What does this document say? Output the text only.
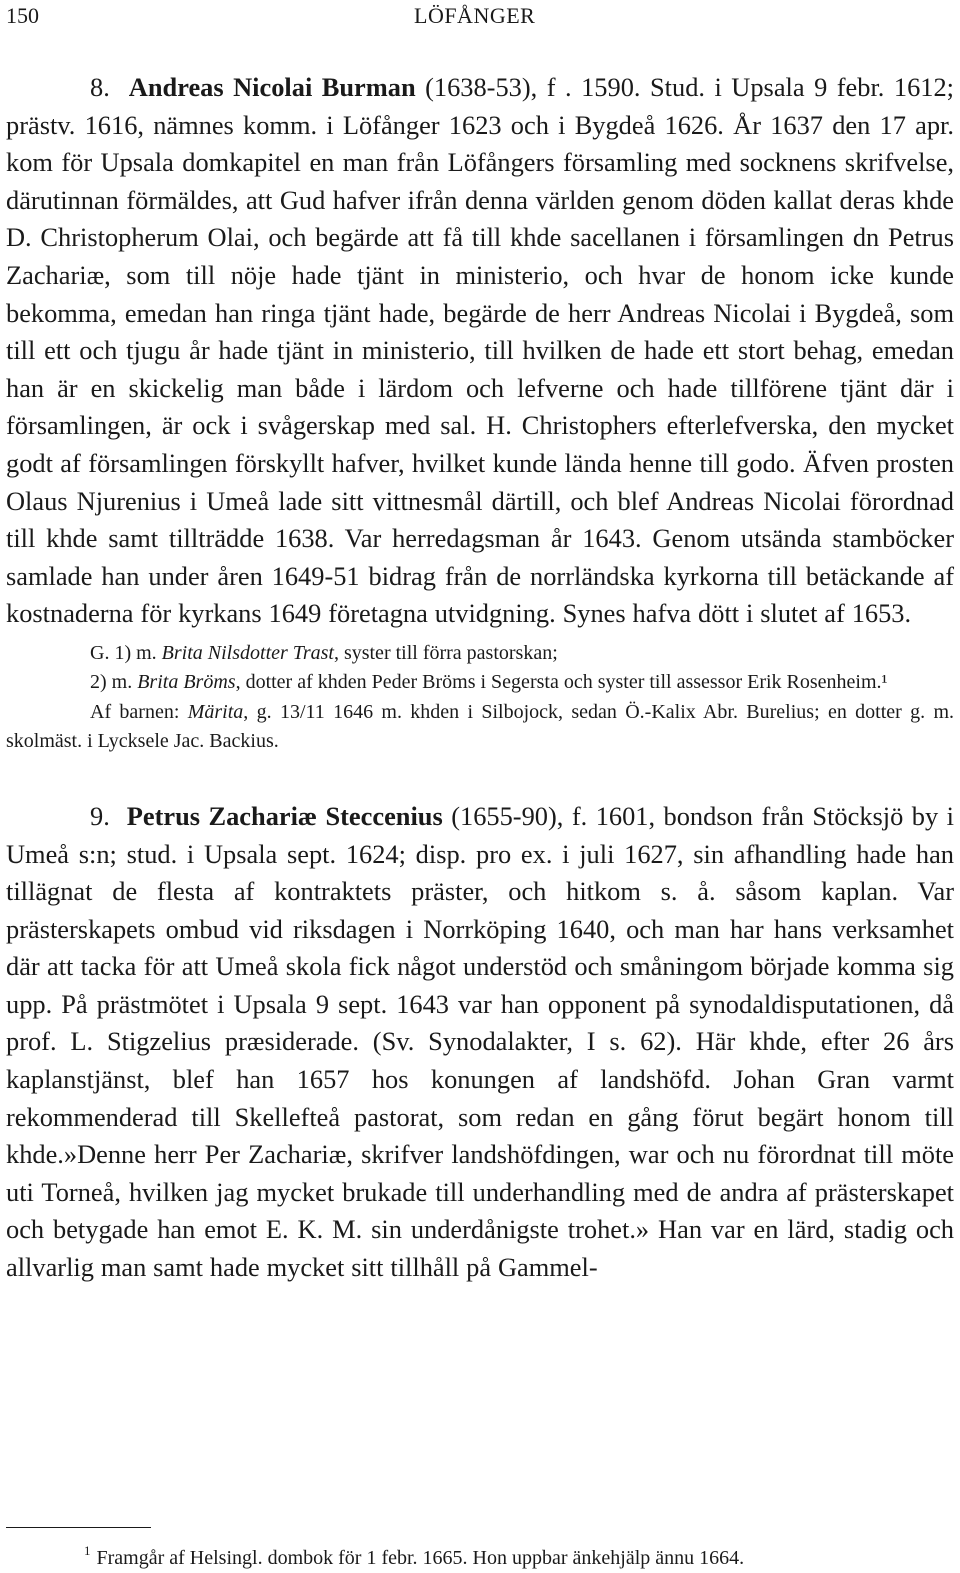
150	LÖFÅNGER

8. Andreas Nicolai Burman (1638-53), f . 1590. Stud. i Upsala 9 febr. 1612; prästv. 1616, nämnes komm. i Löfånger 1623 och i Bygdeå 1626. År 1637 den 17 apr. kom för Upsala domkapitel en man från Löfångers församling med socknens skrifvelse, därutinnan förmäldes, att Gud hafver ifrån denna världen genom döden kallat deras khde D. Christopherum Olai, och begärde att få till khde sacellanen i församlingen dn Petrus Zachariæ, som till nöje hade tjänt in ministerio, och hvar de honom icke kunde bekomma, emedan han ringa tjänt hade, begärde de herr Andreas Nicolai i Bygdeå, som till ett och tjugu år hade tjänt in ministerio, till hvilken de hade ett stort behag, emedan han är en skickelig man både i lärdom och lefverne och hade tillförene tjänt där i församlingen, är ock i svågerskap med sal. H. Christophers efterlefverska, den mycket godt af församlingen förskyllt hafver, hvilket kunde lända henne till godo. Äfven prosten Olaus Njurenius i Umeå lade sitt vittnesmål därtill, och blef Andreas Nicolai förordnad till khde samt tillträdde 1638. Var herredagsman år 1643. Genom utsända stamböcker samlade han under åren 1649-51 bidrag från de norrländska kyrkorna till betäckande af kostnaderna för kyrkans 1649 företagna utvidgning. Synes hafva dött i slutet af 1653.

G. 1) m. Brita Nilsdotter Trast, syster till förra pastorskan;

2) m. Brita Bröms, dotter af khden Peder Bröms i Segersta och syster till assessor Erik Rosenheim.¹

Af barnen: Märita, g. 13/11 1646 m. khden i Silbojock, sedan Ö.-Kalix Abr. Burelius; en dotter g. m. skolmäst. i Lycksele Jac. Backius.

9. Petrus Zachariæ Steccenius (1655-90), f. 1601, bondson från Stöcksjö by i Umeå s:n; stud. i Upsala sept. 1624; disp. pro ex. i juli 1627, sin afhandling hade han tillägnat de flesta af kontraktets präster, och hitkom s. å. såsom kaplan. Var prästerskapets ombud vid riksdagen i Norrköping 1640, och man har hans verksamhet där att tacka för att Umeå skola fick något understöd och småningom började komma sig upp. På prästmötet i Upsala 9 sept. 1643 var han opponent på synodaldisputationen, då prof. L. Stigzelius præsiderade. (Sv. Synodalakter, I s. 62). Här khde, efter 26 års kaplanstjänst, blef han 1657 hos konungen af landshöfd. Johan Gran varmt rekommenderad till Skellefteå pastorat, som redan en gång förut begärt honom till khde.»Denne herr Per Zachariæ, skrifver landshöfdingen, war och nu förordnat till möte uti Torneå, hvilken jag mycket brukade till underhandling med de andra af prästerskapet och betygade han emot E. K. M. sin underdånigste trohet.» Han var en lärd, stadig och allvarlig man samt hade mycket sitt tillhåll på Gammel-

$^1$ Framgår af Helsingl. dombok för 1 febr. 1665. Hon uppbar änkehjälp ännu 1664.
